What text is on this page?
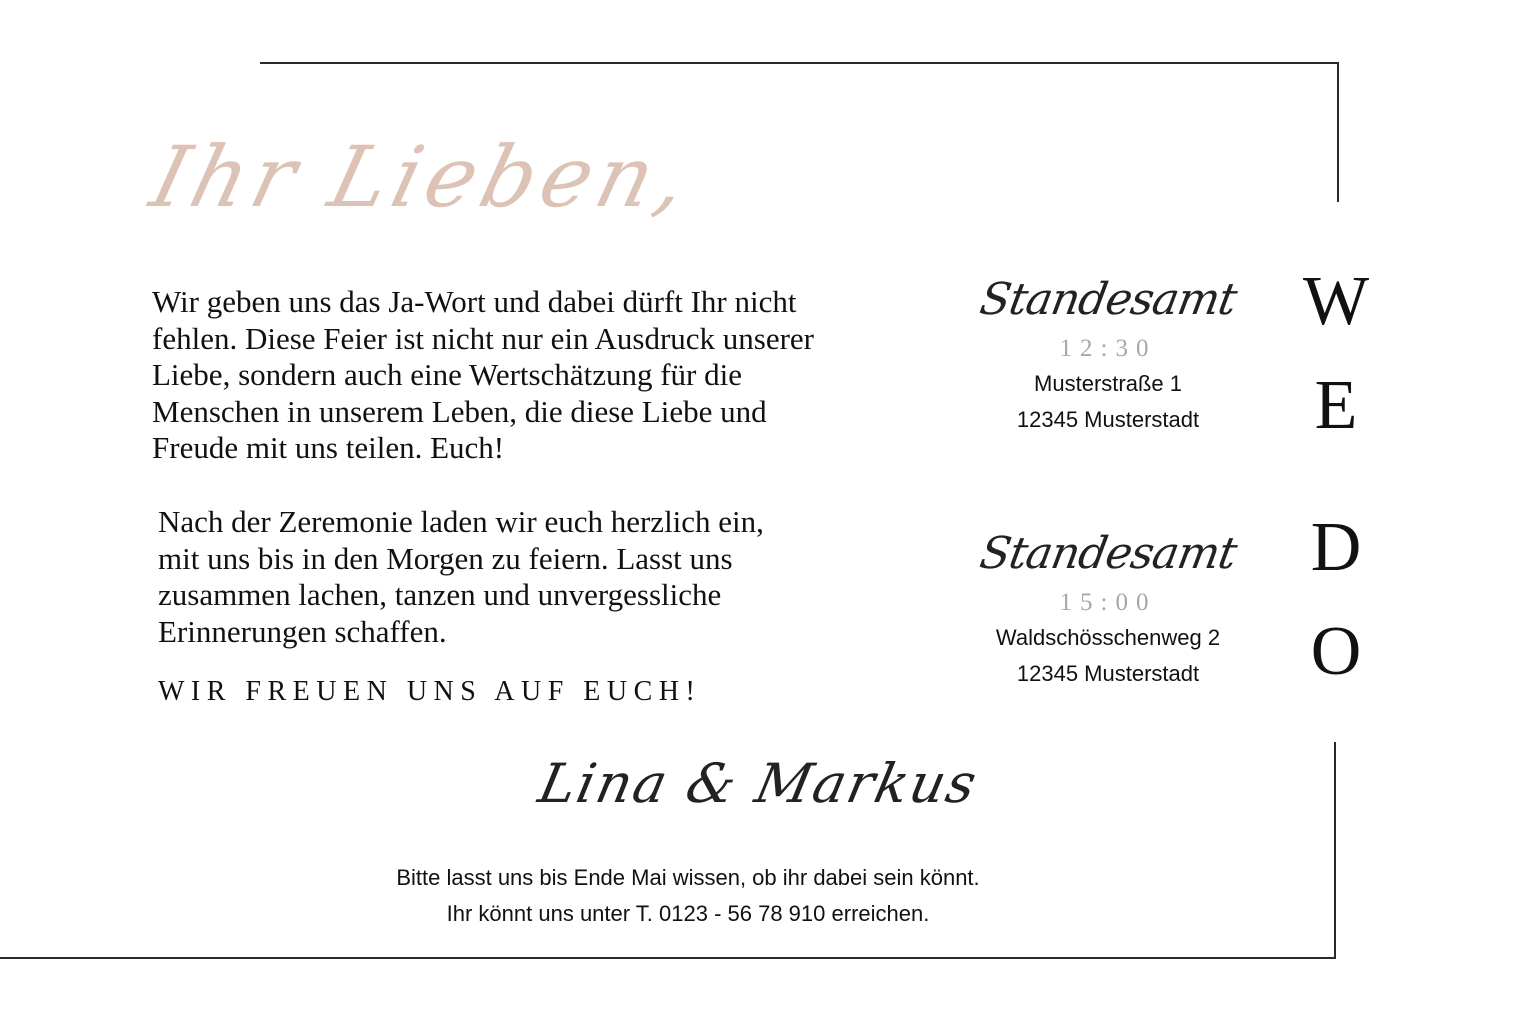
Ihr Lieben,

Wir geben uns das Ja-Wort und dabei dürft Ihr nicht
fehlen. Diese Feier ist nicht nur ein Ausdruck unserer
Liebe, sondern auch eine Wertschätzung für die
Menschen in unserem Leben, die diese Liebe und
Freude mit uns teilen. Euch!

Nach der Zeremonie laden wir euch herzlich ein,
mit uns bis in den Morgen zu feiern. Lasst uns
zusammen lachen, tanzen und unvergessliche
Erinnerungen schaffen.

WIR FREUEN UNS AUF EUCH!
Standesamt
12:30
Musterstraße 1
12345 Musterstadt
Standesamt
15:00
Waldschösschenweg 2
12345 Musterstadt
W
E
D
O
Lina & Markus
Bitte lasst uns bis Ende Mai wissen, ob ihr dabei sein könnt.
Ihr könnt uns unter T. 0123 - 56 78 910 erreichen.
